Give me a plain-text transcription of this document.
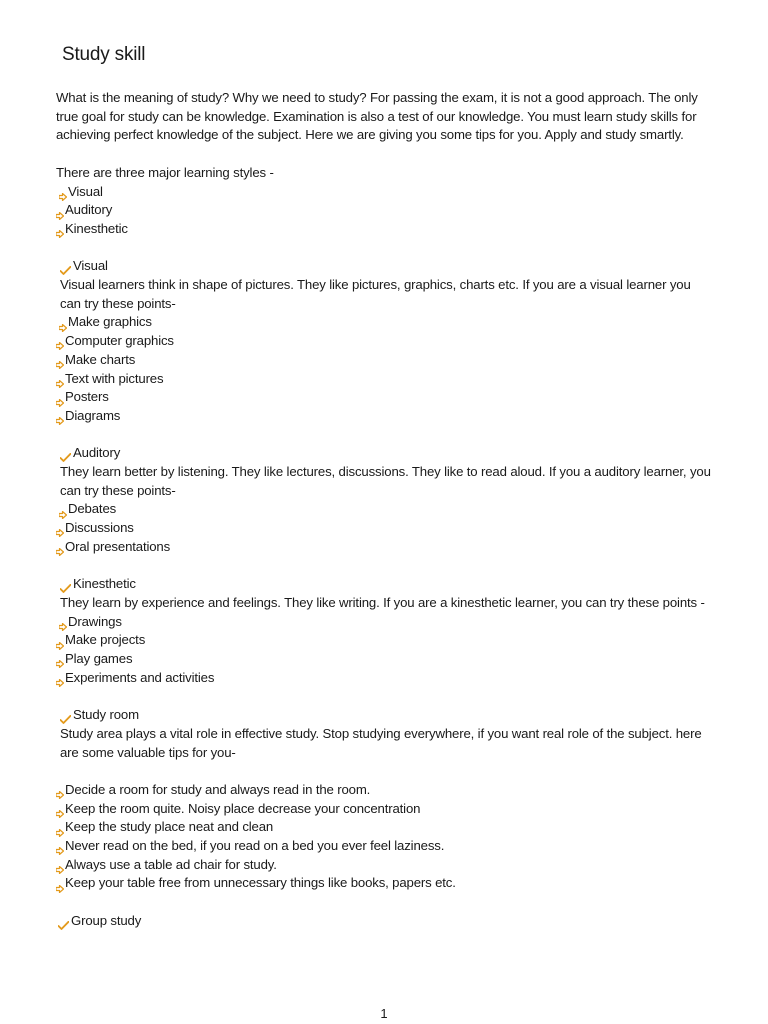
Study skill

What is the meaning of study? Why we need to study? For passing the exam, it is not a good approach. The only true goal for study can be knowledge. Examination is also a test of our knowledge. You must learn study skills for achieving perfect knowledge of the subject. Here we are giving you some tips for you. Apply and study smartly.

There are three major learning styles -

Visual
Auditory
Kinesthetic
Visual

Visual learners think in shape of pictures. They like pictures, graphics, charts etc. If you are a visual learner you can try these points-

Make graphics
Computer graphics
Make charts
Text with pictures
Posters
Diagrams
Auditory

They learn better by listening. They like lectures, discussions. They like to read aloud. If you a auditory learner, you can try these points-

Debates
Discussions
Oral presentations
Kinesthetic

They learn by experience and feelings. They like writing. If you are a kinesthetic learner, you can try these points -

Drawings
Make projects
Play games
Experiments and activities
Study room

Study area plays a vital role in effective study. Stop studying everywhere, if you want real role of the subject. here are some valuable tips for you-

Decide a room for study and always read in the room.
Keep the room quite. Noisy place decrease your concentration
Keep the study place neat and clean
Never read on the bed, if you read on a bed you ever feel laziness.
Always use a table ad chair for study.
Keep your table free from unnecessary things like books, papers etc.
Group study
1
